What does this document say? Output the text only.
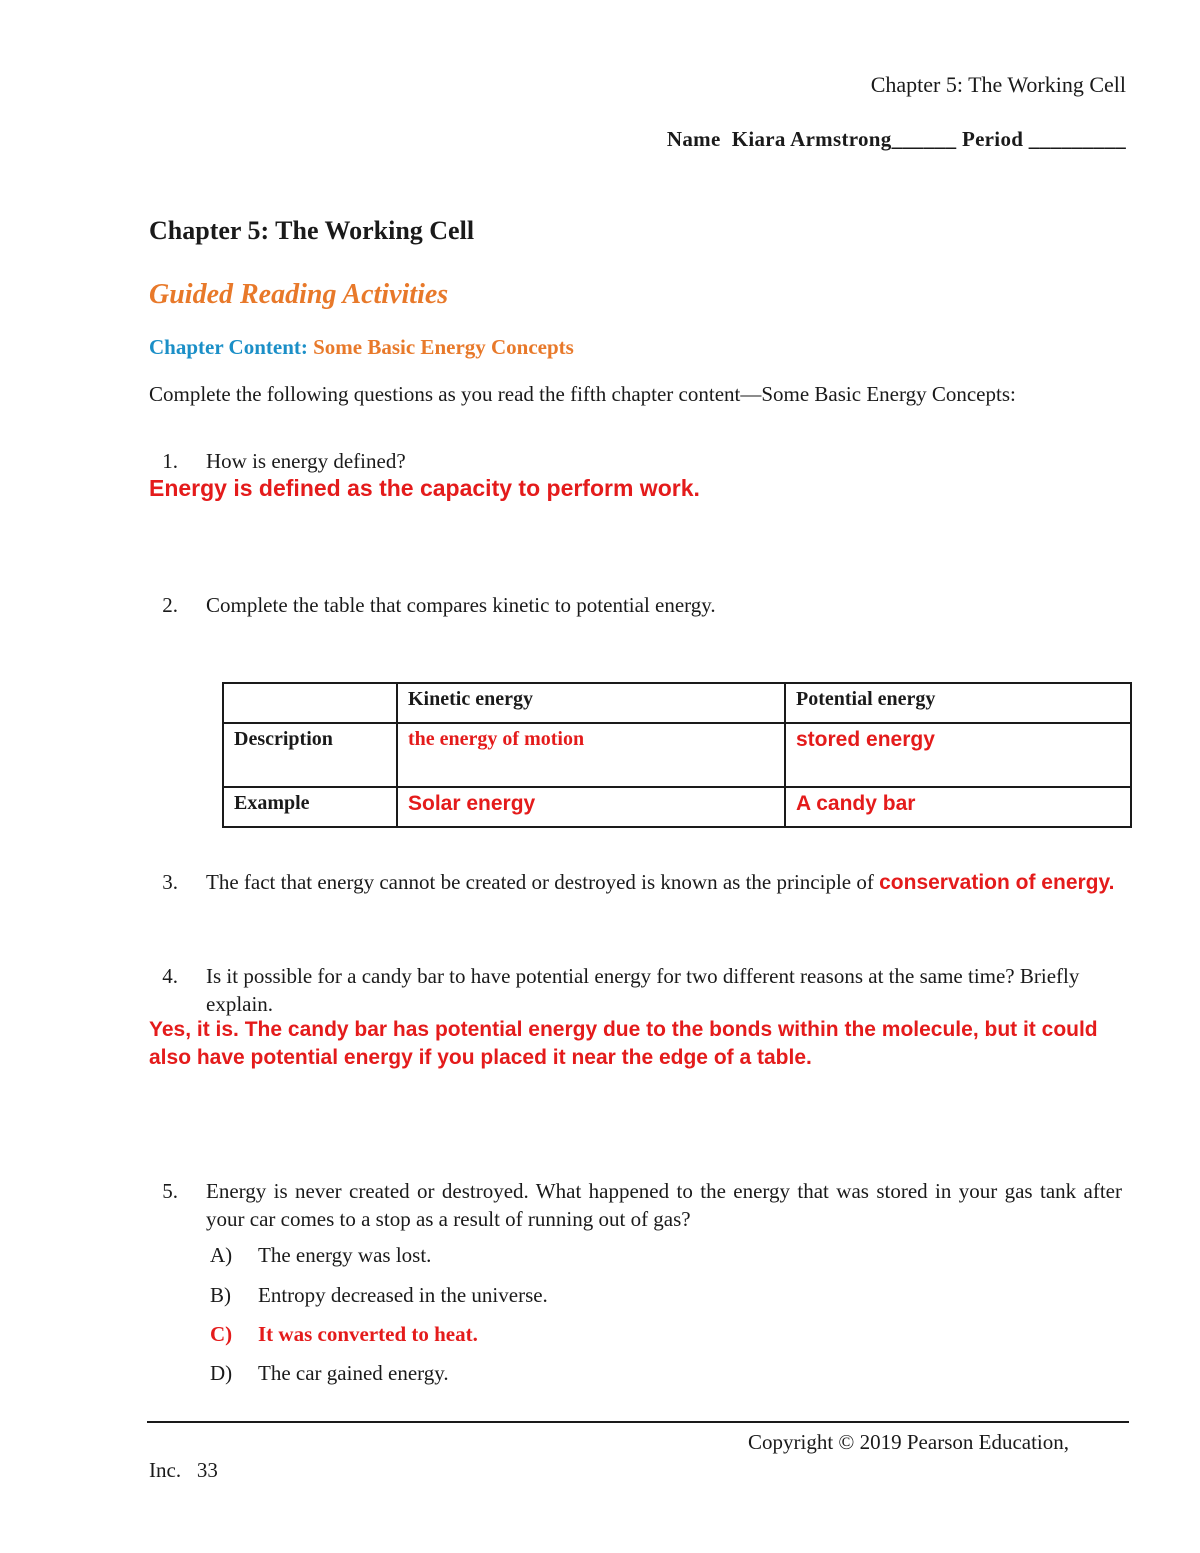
Chapter 5: The Working Cell
Name Kiara Armstrong______ Period _________
Chapter 5: The Working Cell
Guided Reading Activities
Chapter Content: Some Basic Energy Concepts
Complete the following questions as you read the fifth chapter content—Some Basic Energy Concepts:
1. How is energy defined?
Energy is defined as the capacity to perform work.
2. Complete the table that compares kinetic to potential energy.
	Kinetic energy	Potential energy
Description	the energy of motion	stored energy
Example	Solar energy	A candy bar
3. The fact that energy cannot be created or destroyed is known as the principle of conservation of energy.
4. Is it possible for a candy bar to have potential energy for two different reasons at the same time? Briefly explain.
Yes, it is. The candy bar has potential energy due to the bonds within the molecule, but it could also have potential energy if you placed it near the edge of a table.
5. Energy is never created or destroyed. What happened to the energy that was stored in your gas tank after your car comes to a stop as a result of running out of gas?
A) The energy was lost.
B) Entropy decreased in the universe.
C) It was converted to heat.
D) The car gained energy.
Copyright © 2019 Pearson Education,
Inc. 33
